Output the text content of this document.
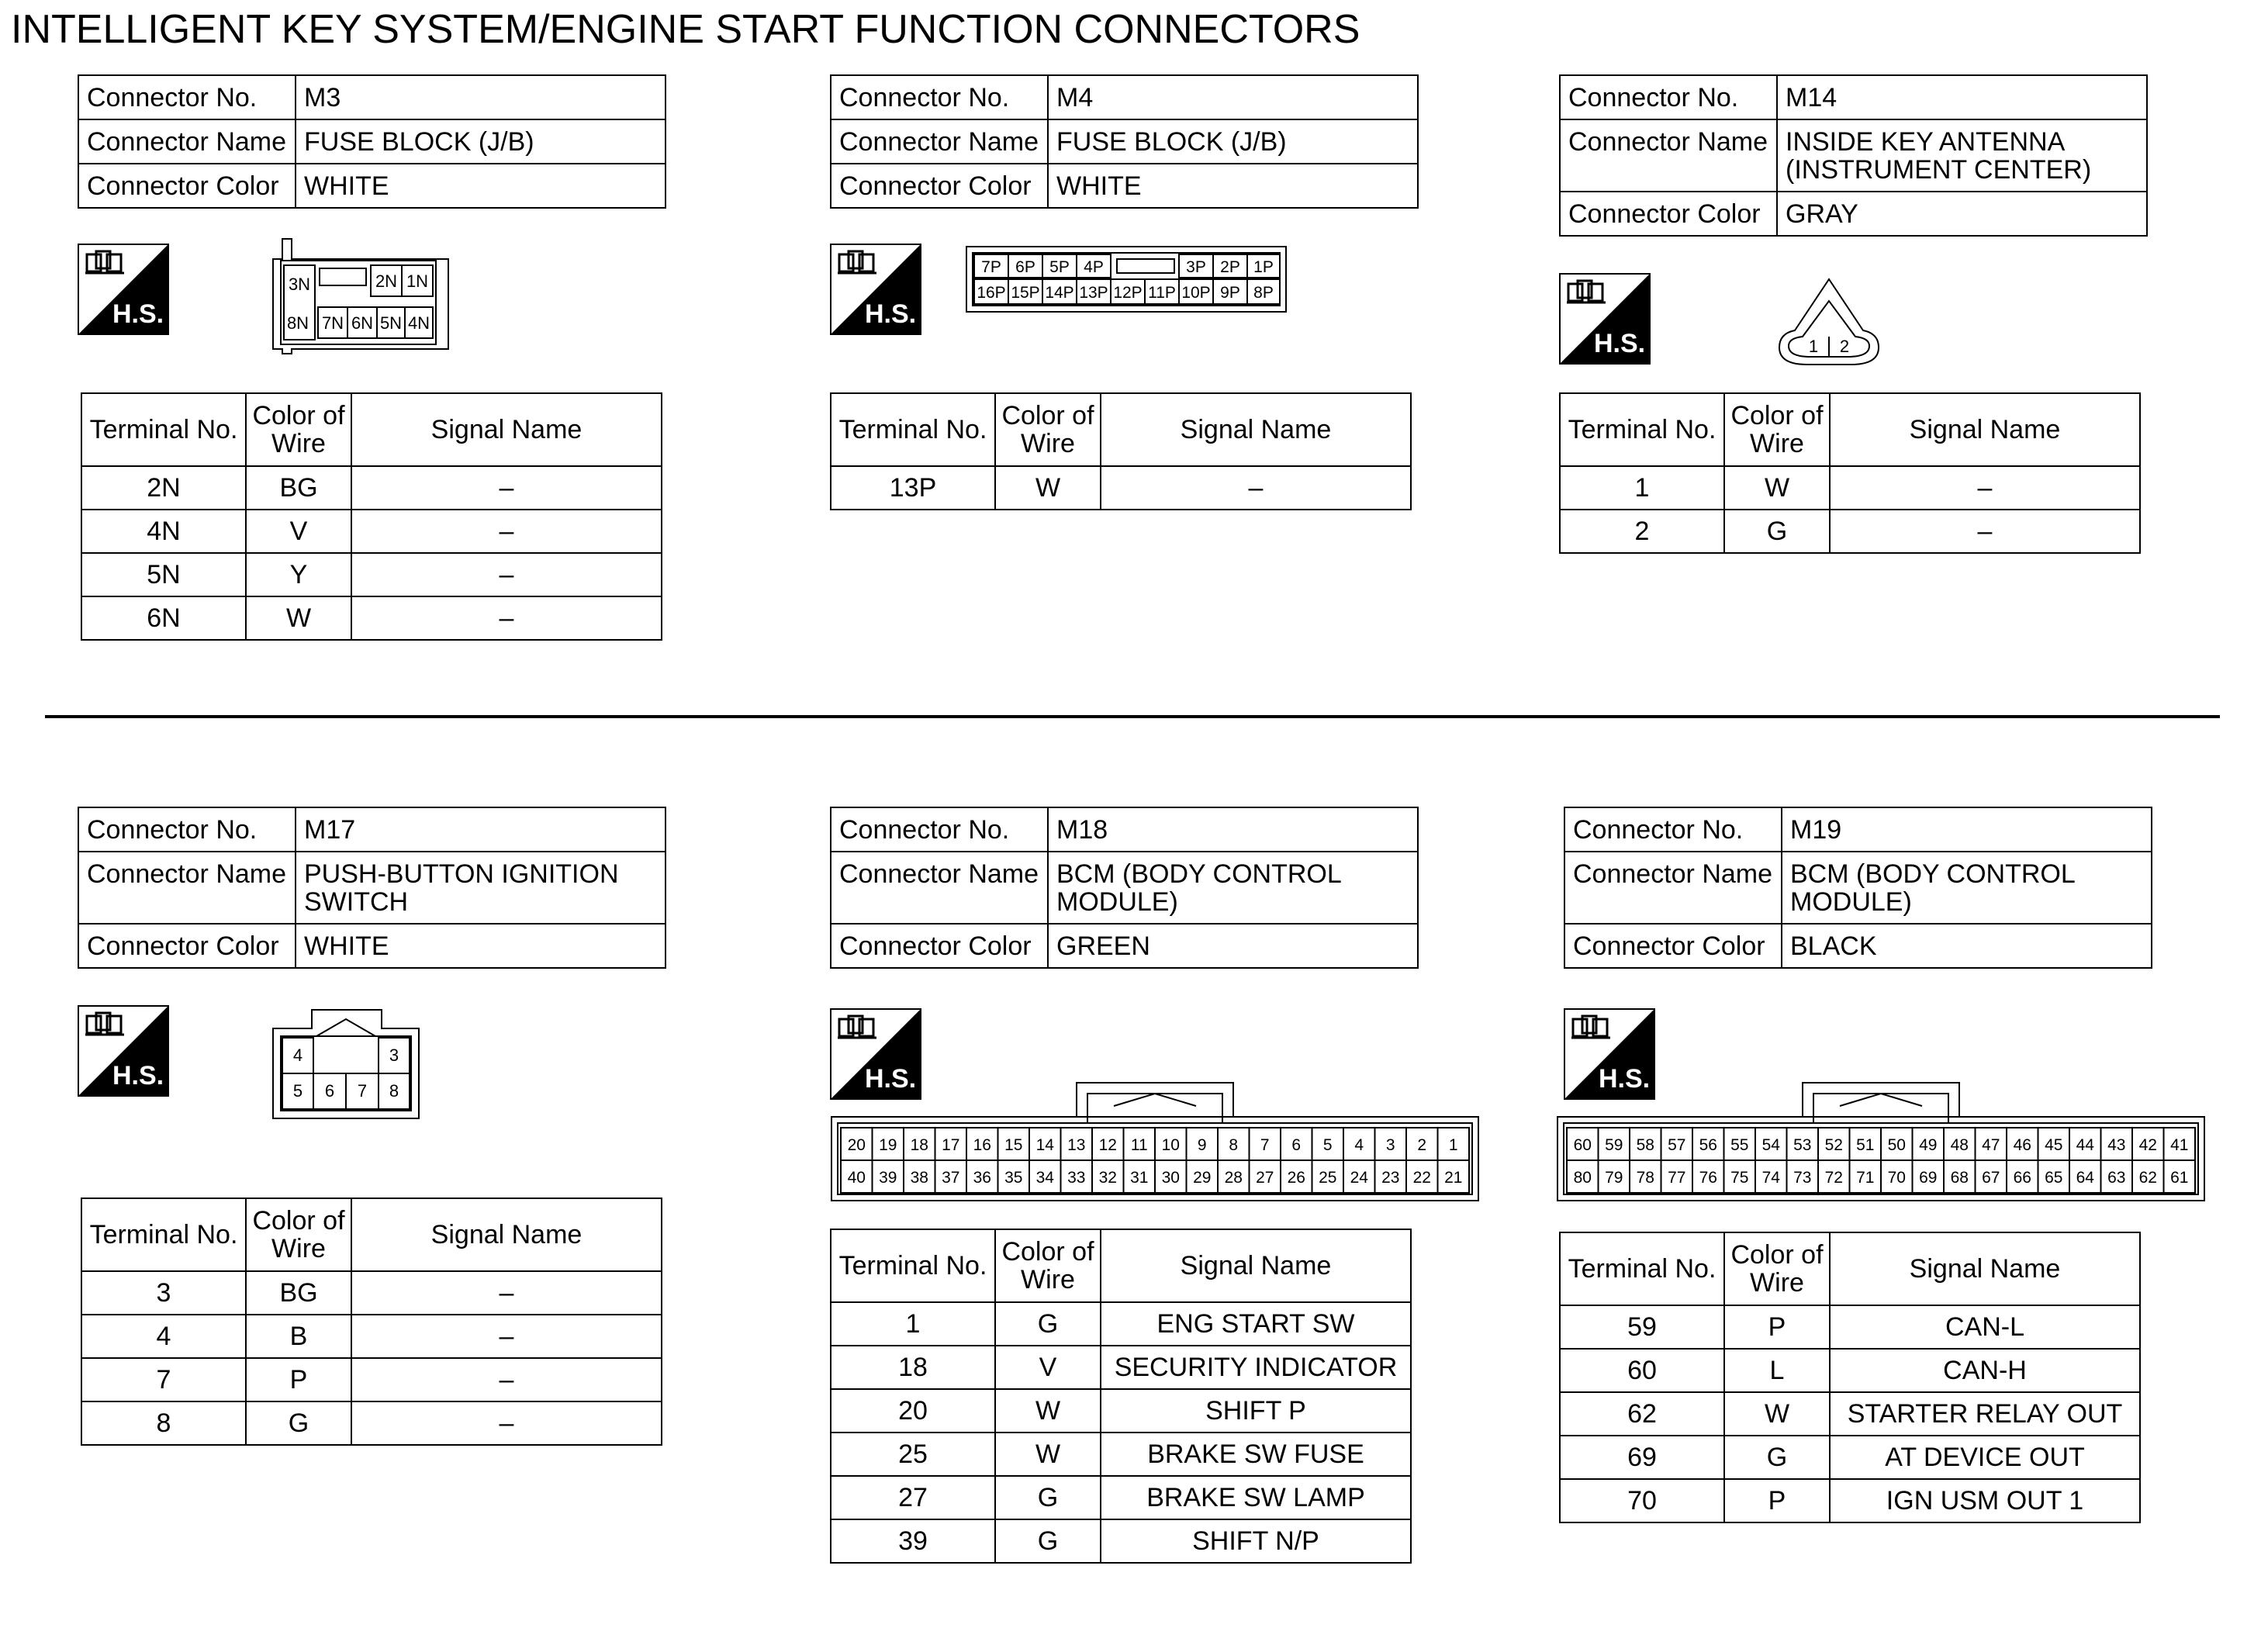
INTELLIGENT KEY SYSTEM/ENGINE START FUNCTION CONNECTORS
Connector No.	M3
Connector Name	FUSE BLOCK (J/B)
Connector Color	WHITE
H.S.
3N	2N 1N
8N 7N 6N 5N 4N
Terminal No.	Color of Wire	Signal Name
2N	BG	–
4N	V	–
5N	Y	–
6N	W	–
Connector No.	M4
Connector Name	FUSE BLOCK (J/B)
Connector Color	WHITE
H.S.
7P 6P 5P 4P	3P 2P 1P
16P 15P 14P 13P 12P 11P 10P 9P 8P
Terminal No.	Color of Wire	Signal Name
13P	W	–
Connector No.	M14
Connector Name	INSIDE KEY ANTENNA (INSTRUMENT CENTER)
Connector Color	GRAY
H.S.	1 2
Terminal No.	Color of Wire	Signal Name
1	W	–
2	G	–
Connector No.	M17
Connector Name	PUSH-BUTTON IGNITION SWITCH
Connector Color	WHITE
H.S.
4	3
5 6 7 8
Terminal No.	Color of Wire	Signal Name
3	BG	–
4	B	–
7	P	–
8	G	–
Connector No.	M18
Connector Name	BCM (BODY CONTROL MODULE)
Connector Color	GREEN
H.S.
20 19 18 17 16 15 14 13 12 11 10 9 8 7 6 5 4 3 2 1
40 39 38 37 36 35 34 33 32 31 30 29 28 27 26 25 24 23 22 21
Terminal No.	Color of Wire	Signal Name
1	G	ENG START SW
18	V	SECURITY INDICATOR
20	W	SHIFT P
25	W	BRAKE SW FUSE
27	G	BRAKE SW LAMP
39	G	SHIFT N/P
Connector No.	M19
Connector Name	BCM (BODY CONTROL MODULE)
Connector Color	BLACK
H.S.
60 59 58 57 56 55 54 53 52 51 50 49 48 47 46 45 44 43 42 41
80 79 78 77 76 75 74 73 72 71 70 69 68 67 66 65 64 63 62 61
Terminal No.	Color of Wire	Signal Name
59	P	CAN-L
60	L	CAN-H
62	W	STARTER RELAY OUT
69	G	AT DEVICE OUT
70	P	IGN USM OUT 1
